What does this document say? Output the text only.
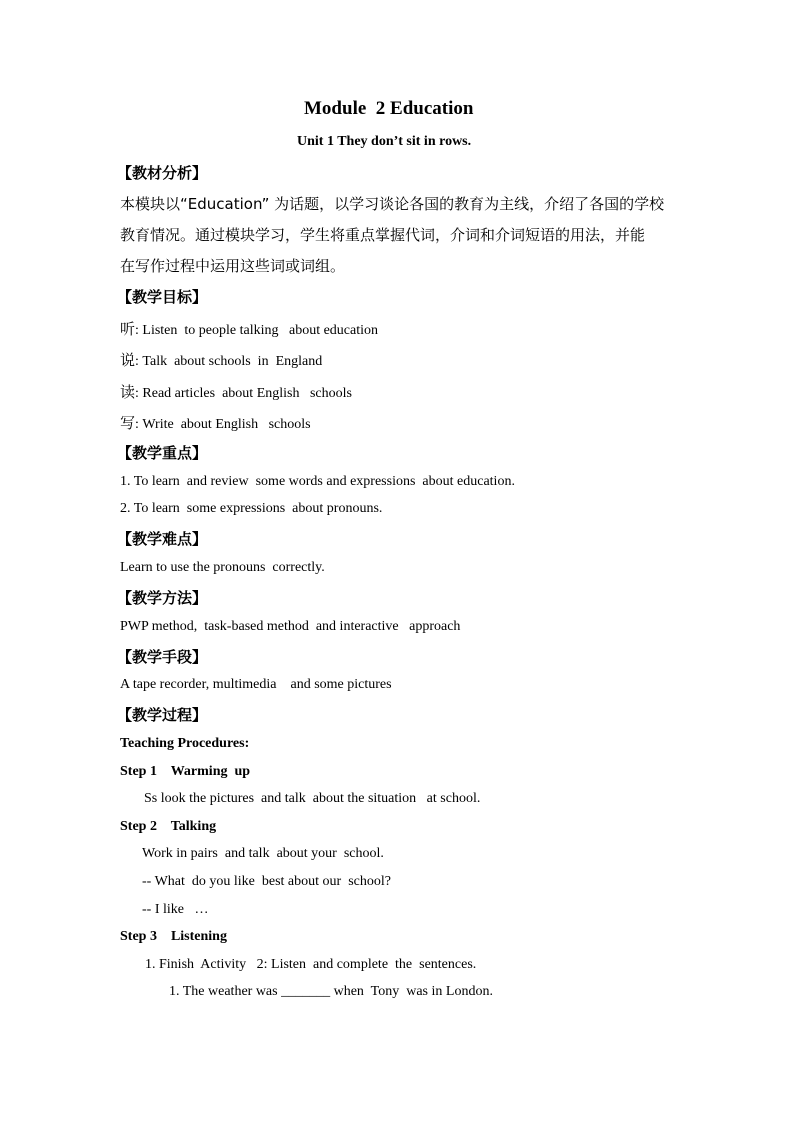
Module  2 Education
Unit 1 They don’t sit in rows.
【教材分析】
本模块以“Education” 为话题，以学习谈论各国的教育为主线，介绍了各国的学校
教育情况。通过模块学习，学生将重点掌握代词，介词和介词短语的用法，并能
在写作过程中运用这些词或词组。
【教学目标】
听: Listen  to people talking   about education
说: Talk  about schools  in  England
读: Read articles  about English   schools
写: Write  about English   schools
【教学重点】
1. To learn  and review  some words and expressions  about education.
2. To learn  some expressions  about pronouns.
【教学难点】
Learn to use the pronouns  correctly.
【教学方法】
PWP method,  task-based method  and interactive   approach
【教学手段】
A tape recorder, multimedia    and some pictures
【教学过程】
Teaching Procedures:
Step 1    Warming  up
Ss look the pictures  and talk  about the situation   at school.
Step 2    Talking
Work in pairs  and talk  about your  school.
-- What  do you like  best about our  school?
-- I like   …
Step 3    Listening
1. Finish  Activity   2: Listen  and complete  the  sentences.
1. The weather was _______ when  Tony  was in London.
